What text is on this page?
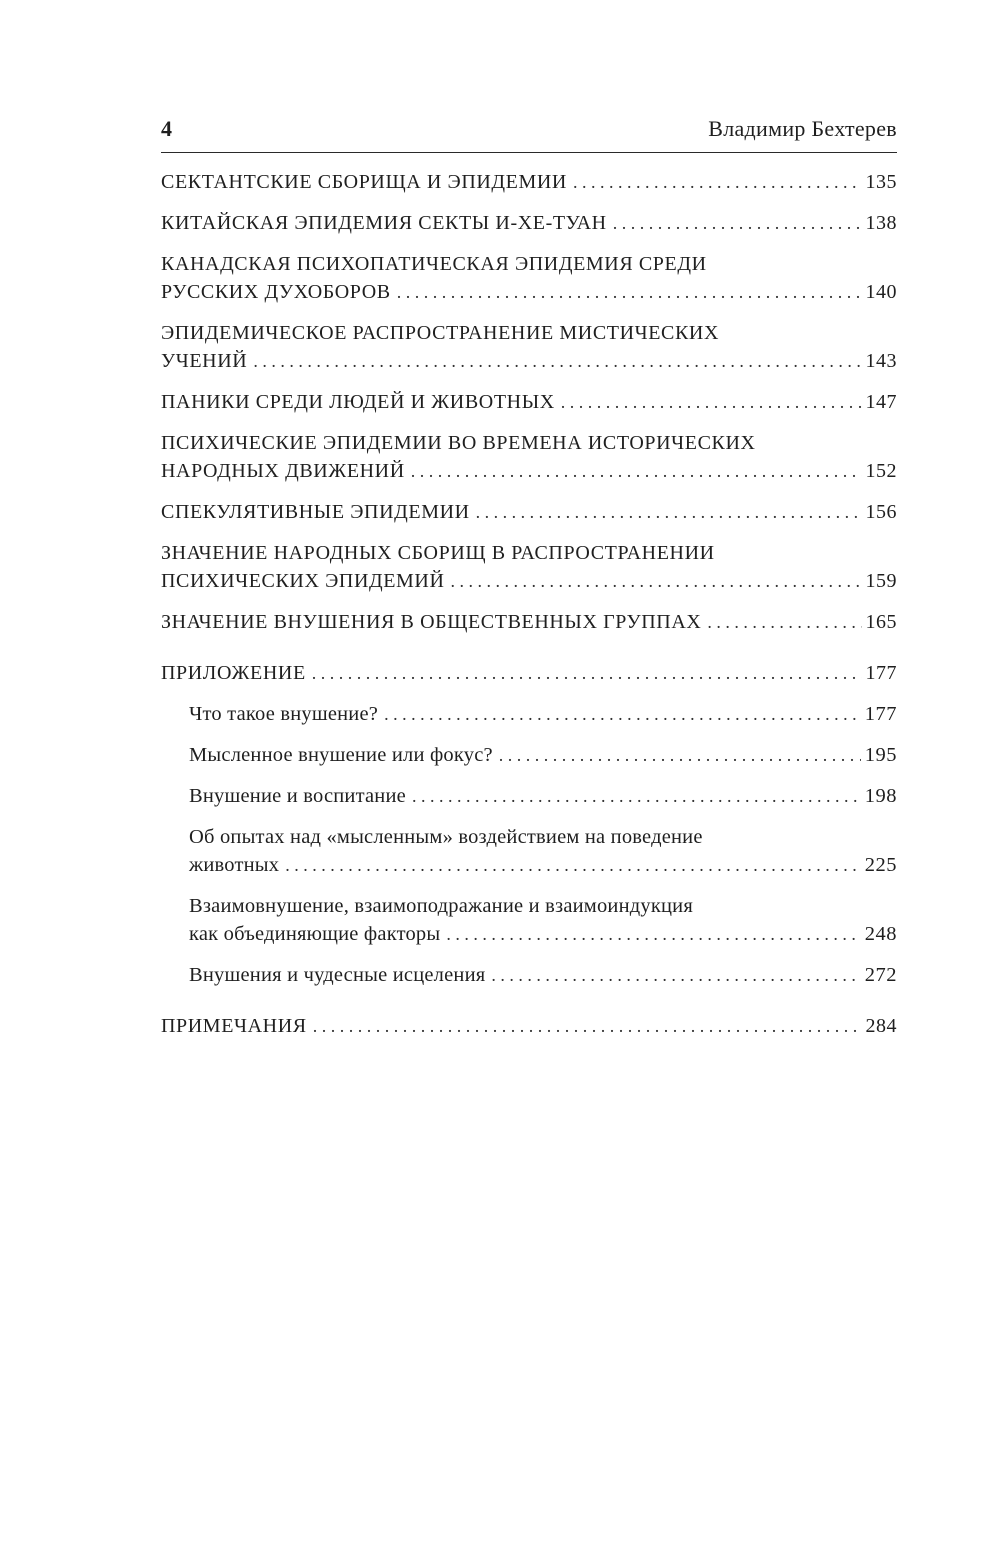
4	Владимир Бехтерев
СЕКТАНТСКИЕ СБОРИЩА И ЭПИДЕМИИ . . .	135
КИТАЙСКАЯ ЭПИДЕМИЯ СЕКТЫ И-ХЕ-ТУАН . . .	138
КАНАДСКАЯ ПСИХОПАТИЧЕСКАЯ ЭПИДЕМИЯ СРЕДИ
РУССКИХ ДУХОБОРОВ . . .	140
ЭПИДЕМИЧЕСКОЕ РАСПРОСТРАНЕНИЕ МИСТИЧЕСКИХ
УЧЕНИЙ . . .	143
ПАНИКИ СРЕДИ ЛЮДЕЙ И ЖИВОТНЫХ . . .	147
ПСИХИЧЕСКИЕ ЭПИДЕМИИ ВО ВРЕМЕНА ИСТОРИЧЕСКИХ
НАРОДНЫХ ДВИЖЕНИЙ . . .	152
СПЕКУЛЯТИВНЫЕ ЭПИДЕМИИ . . .	156
ЗНАЧЕНИЕ НАРОДНЫХ СБОРИЩ В РАСПРОСТРАНЕНИИ
ПСИХИЧЕСКИХ ЭПИДЕМИЙ . . .	159
ЗНАЧЕНИЕ ВНУШЕНИЯ В ОБЩЕСТВЕННЫХ ГРУППАХ . . .	165
ПРИЛОЖЕНИЕ . . .	177
Что такое внушение? . . .	177
Мысленное внушение или фокус? . . .	195
Внушение и воспитание . . .	198
Об опытах над «мысленным» воздействием на поведение
животных . . .	225
Взаимовнушение, взаимоподражание и взаимоиндукция
как объединяющие факторы . . .	248
Внушения и чудесные исцеления . . .	272
ПРИМЕЧАНИЯ . . .	284
